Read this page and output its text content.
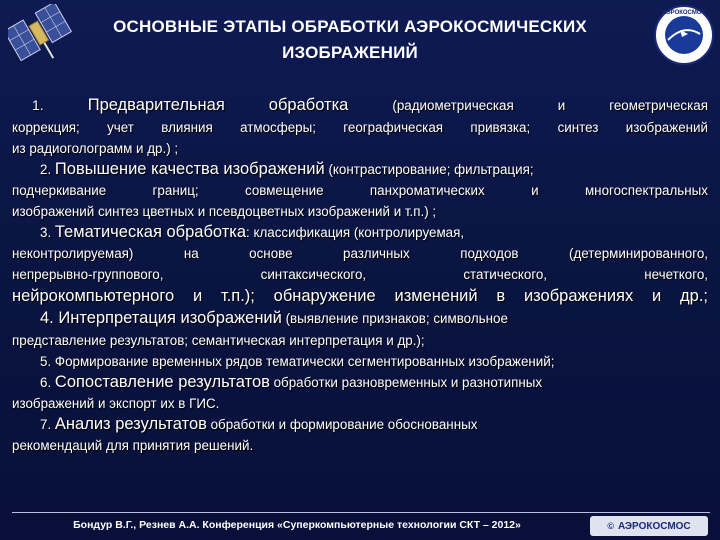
АЭРОКОСМОС
ОСНОВНЫЕ ЭТАПЫ ОБРАБОТКИ АЭРОКОСМИЧЕСКИХ
ИЗОБРАЖЕНИЙ
1.	Предварительная	обработка	(радиометрическая	и	геометрическая
коррекция; учет влияния атмосферы; географическая привязка; синтез изображений
из радиоголограмм и др.) ;
2. Повышение качества изображений (контрастирование; фильтрация;
подчеркивание границ; совмещение панхроматических и многоспектральных
изображений синтез цветных и псевдоцветных изображений и т.п.) ;
3. Тематическая обработка: классификация (контролируемая,
неконтролируемая) на основе различных подходов (детерминированного,
непрерывно-группового, синтаксического, статического, нечеткого,
нейрокомпьютерного и т.п.); обнаружение изменений в изображениях и др.;
4. Интерпретация изображений (выявление признаков; символьное
представление результатов; семантическая интерпретация и др.);
5. Формирование временных рядов тематически сегментированных изображений;
6. Сопоставление результатов обработки разновременных и разнотипных
изображений и экспорт их в ГИС.
7. Анализ результатов обработки и формирование обоснованных
рекомендаций для принятия решений.
Бондур В.Г., Резнев А.А. Конференция «Суперкомпьютерные технологии СКТ – 2012»	© АЭРОКОСМОС
